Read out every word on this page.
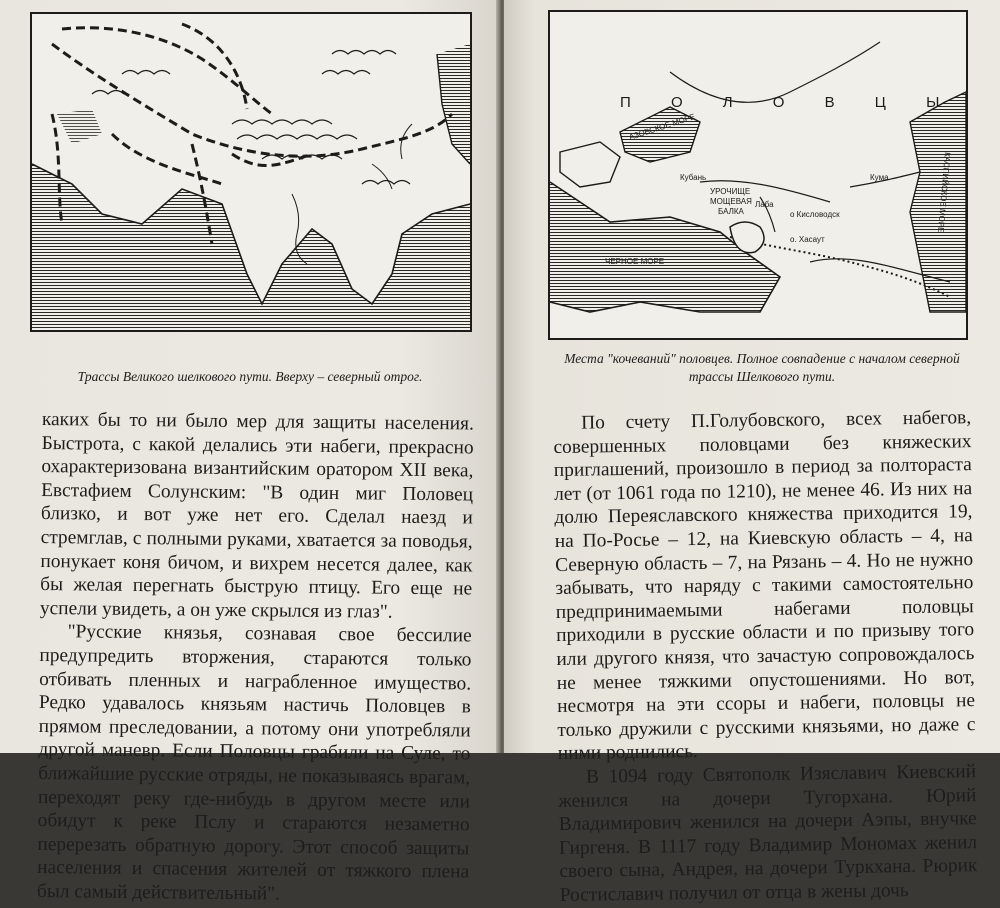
Трассы Великого шелкового пути. Вверху – северный отрог.

каких бы то ни было мер для защиты населения. Быстрота, с какой делались эти набеги, прекрасно охарактеризована византийским оратором XII века, Евстафием Солунским: "В один миг Половец близко, и вот уже нет его. Сделал наезд и стремглав, с полными руками, хватается за поводья, понукает коня бичом, и вихрем несется далее, как бы желая перегнать быструю птицу. Его еще не успели увидеть, а он уже скрылся из глаз".

"Русские князья, сознавая свое бессилие предупредить вторжения, стараются только отбивать пленных и награбленное имущество. Редко удавалось князьям настичь Половцев в прямом преследовании, а потому они употребляли другой маневр. Если Половцы грабили на Суле, то ближайшие русские отряды, не показываясь врагам, переходят реку где-нибудь в другом месте или обидут к реке Пслу и стараются незаметно перерезать обратную дорогу. Этот способ защиты населения и спасения жителей от тяжкого плена был самый действительный".

П О Л О В Ц Ы
АЗОВСКОЕ МОРЕ
ЧЕРНОЕ МОРЕ
КАСПИЙСКОЕ МОРЕ
Кубань	Кума
Лаба
УРОЧИЩЕ
МОЩЕВАЯ
БАЛКА	о Кисловодск
о. Хасаут
Места "кочеваний" половцев. Полное совпадение с началом северной трассы Шелкового пути.

По счету П.Голубовского, всех набегов, совершенных половцами без княжеских приглашений, произошло в период за полтораста лет (от 1061 года по 1210), не менее 46. Из них на долю Переяславского княжества приходится 19, на По-Росье – 12, на Киевскую область – 4, на Северную область – 7, на Рязань – 4. Но не нужно забывать, что наряду с такими самостоятельно предпринимаемыми набегами половцы приходили в русские области и по призыву того или другого князя, что зачастую сопровождалось не менее тяжкими опустошениями. Но вот, несмотря на эти ссоры и набеги, половцы не только дружили с русскими князьями, но даже с ними роднились.

В 1094 году Святополк Изяславич Киевский женился на дочери Тугорхана. Юрий Владимирович женился на дочери Аэпы, внучке Гиргеня. В 1117 году Владимир Мономах женил своего сына, Андрея, на дочери Туркхана. Рюрик Ростиславич получил от отца в жены дочь
